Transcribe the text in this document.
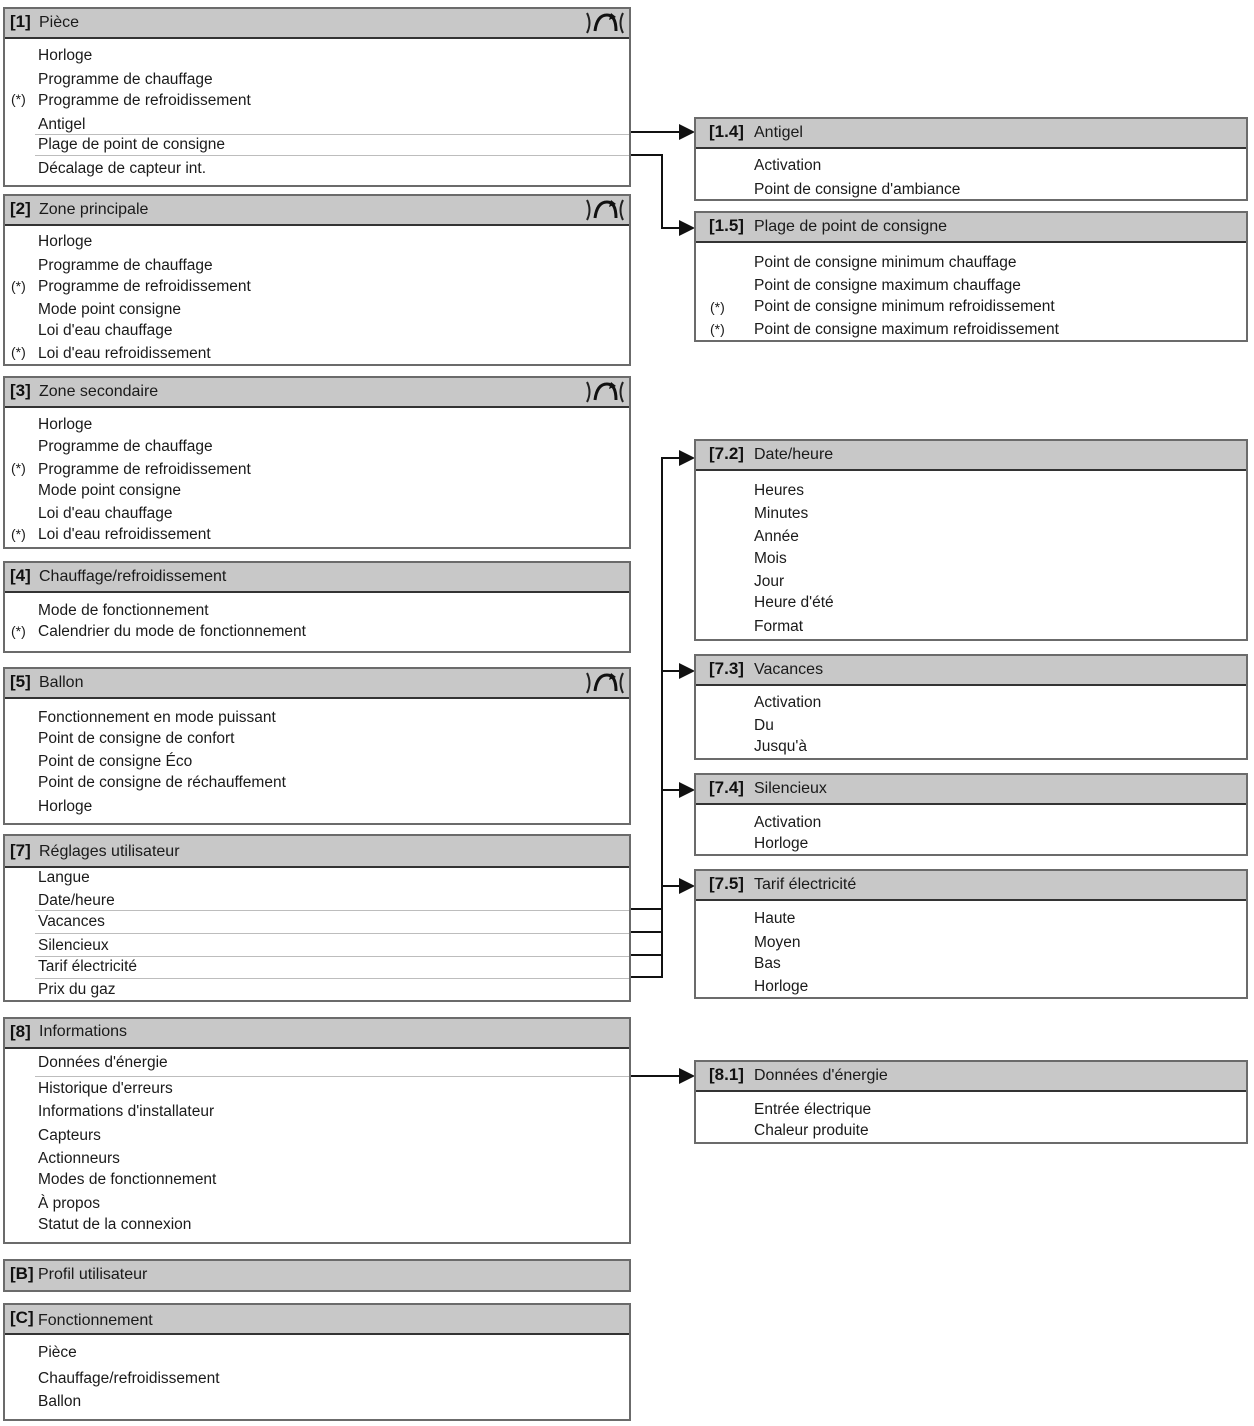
[1] Pièce
Horloge
Programme de chauffage
(*) Programme de refroidissement
Antigel
Plage de point de consigne
Décalage de capteur int.
[2] Zone principale
Horloge
Programme de chauffage
(*) Programme de refroidissement
Mode point consigne
Loi d'eau chauffage
(*) Loi d'eau refroidissement
[3] Zone secondaire
Horloge
Programme de chauffage
(*) Programme de refroidissement
Mode point consigne
Loi d'eau chauffage
(*) Loi d'eau refroidissement
[4] Chauffage/refroidissement
Mode de fonctionnement
(*) Calendrier du mode de fonctionnement
[5] Ballon
Fonctionnement en mode puissant
Point de consigne de confort
Point de consigne Éco
Point de consigne de réchauffement
Horloge
[7] Réglages utilisateur
Langue
Date/heure
Vacances
Silencieux
Tarif électricité
Prix du gaz
[8] Informations
Données d'énergie
Historique d'erreurs
Informations d'installateur
Capteurs
Actionneurs
Modes de fonctionnement
À propos
Statut de la connexion
[B] Profil utilisateur
[C] Fonctionnement
Pièce
Chauffage/refroidissement
Ballon
[1.4] Antigel
Activation
Point de consigne d'ambiance
[1.5] Plage de point de consigne
Point de consigne minimum chauffage
Point de consigne maximum chauffage
(*) Point de consigne minimum refroidissement
(*) Point de consigne maximum refroidissement
[7.2] Date/heure
Heures
Minutes
Année
Mois
Jour
Heure d'été
Format
[7.3] Vacances
Activation
Du
Jusqu'à
[7.4] Silencieux
Activation
Horloge
[7.5] Tarif électricité
Haute
Moyen
Bas
Horloge
[8.1] Données d'énergie
Entrée électrique
Chaleur produite
